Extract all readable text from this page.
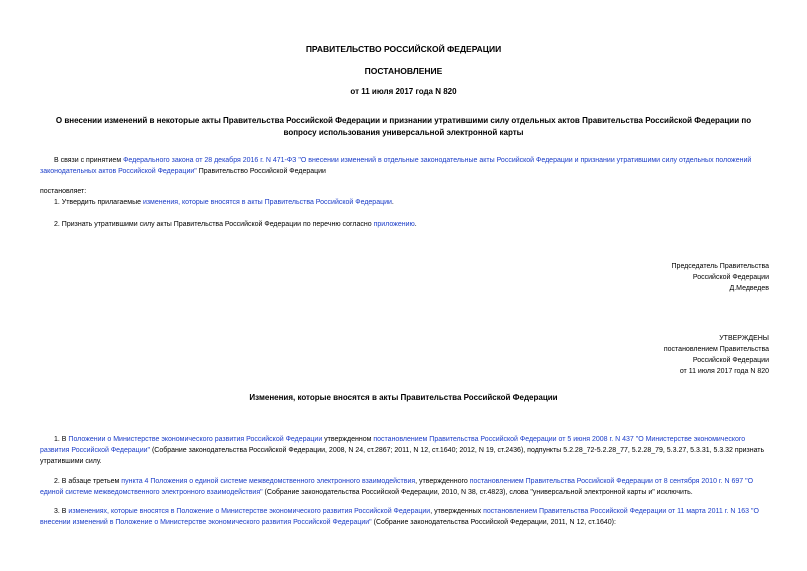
ПРАВИТЕЛЬСТВО РОССИЙСКОЙ ФЕДЕРАЦИИ
ПОСТАНОВЛЕНИЕ
от 11 июля 2017 года N 820
О внесении изменений в некоторые акты Правительства Российской Федерации и признании утратившими силу отдельных актов Правительства Российской Федерации по вопросу использования универсальной электронной карты
В связи с принятием Федерального закона от 28 декабря 2016 г. N 471-ФЗ "О внесении изменений в отдельные законодательные акты Российской Федерации и признании утратившими силу отдельных положений законодательных актов Российской Федерации" Правительство Российской Федерации
постановляет:
1. Утвердить прилагаемые изменения, которые вносятся в акты Правительства Российской Федерации.
2. Признать утратившими силу акты Правительства Российской Федерации по перечню согласно приложению.
Председатель Правительства
Российской Федерации
Д.Медведев
УТВЕРЖДЕНЫ
постановлением Правительства
Российской Федерации
от 11 июля 2017 года N 820
Изменения, которые вносятся в акты Правительства Российской Федерации
1. В Положении о Министерстве экономического развития Российской Федерации утвержденном постановлением Правительства Российской Федерации от 5 июня 2008 г. N 437 "О Министерстве экономического развития Российской Федерации" (Собрание законодательства Российской Федерации, 2008, N 24, ст.2867; 2011, N 12, ст.1640; 2012, N 19, ст.2436), подпункты 5.2.28_72-5.2.28_77, 5.2.28_79, 5.3.27, 5.3.31, 5.3.32 признать утратившими силу.
2. В абзаце третьем пункта 4 Положения о единой системе межведомственного электронного взаимодействия, утвержденного постановлением Правительства Российской Федерации от 8 сентября 2010 г. N 697 "О единой системе межведомственного электронного взаимодействия" (Собрание законодательства Российской Федерации, 2010, N 38, ст.4823), слова "универсальной электронной карты и" исключить.
3. В изменениях, которые вносятся в Положение о Министерстве экономического развития Российской Федерации, утвержденных постановлением Правительства Российской Федерации от 11 марта 2011 г. N 163 "О внесении изменений в Положение о Министерстве экономического развития Российской Федерации" (Собрание законодательства Российской Федерации, 2011, N 12, ст.1640):
